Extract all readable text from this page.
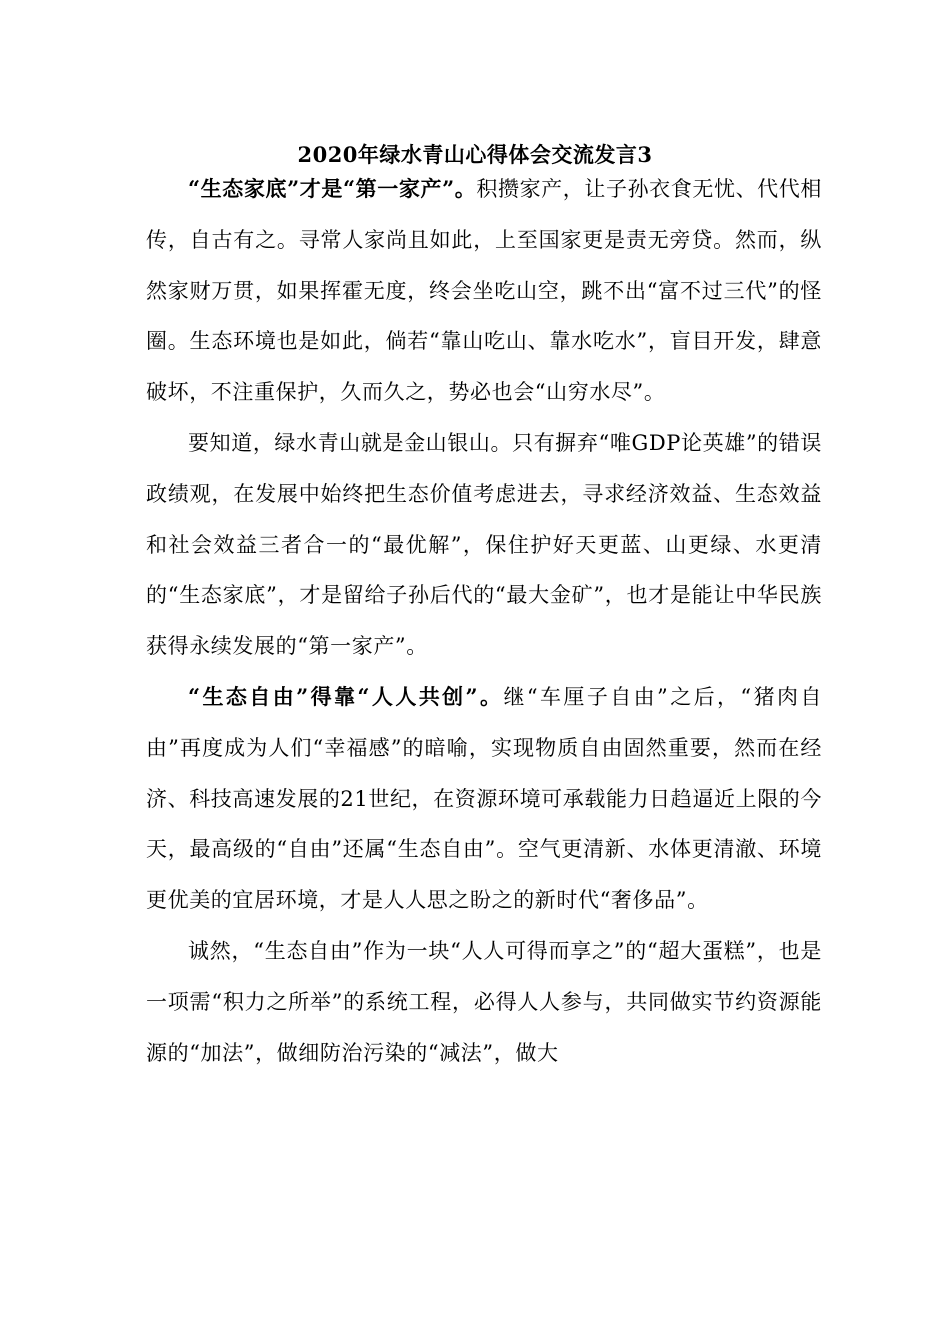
2020年绿水青山心得体会交流发言3

“生态家底”才是“第一家产”。积攒家产，让子孙衣食无忧、代代相传，自古有之。寻常人家尚且如此，上至国家更是责无旁贷。然而，纵然家财万贯，如果挥霍无度，终会坐吃山空，跳不出“富不过三代”的怪圈。生态环境也是如此，倘若“靠山吃山、靠水吃水”，盲目开发，肆意破坏，不注重保护，久而久之，势必也会“山穷水尽”。

要知道，绿水青山就是金山银山。只有摒弃“唯GDP论英雄”的错误政绩观，在发展中始终把生态价值考虑进去，寻求经济效益、生态效益和社会效益三者合一的“最优解”，保住护好天更蓝、山更绿、水更清的“生态家底”，才是留给子孙后代的“最大金矿”，也才是能让中华民族获得永续发展的“第一家产”。

“生态自由”得靠“人人共创”。继“车厘子自由”之后，“猪肉自由”再度成为人们“幸福感”的暗喻，实现物质自由固然重要，然而在经济、科技高速发展的21世纪，在资源环境可承载能力日趋逼近上限的今天，最高级的“自由”还属“生态自由”。空气更清新、水体更清澈、环境更优美的宜居环境，才是人人思之盼之的新时代“奢侈品”。

诚然，“生态自由”作为一块“人人可得而享之”的“超大蛋糕”，也是一项需“积力之所举”的系统工程，必得人人参与，共同做实节约资源能源的“加法”，做细防治污染的“减法”，做大
